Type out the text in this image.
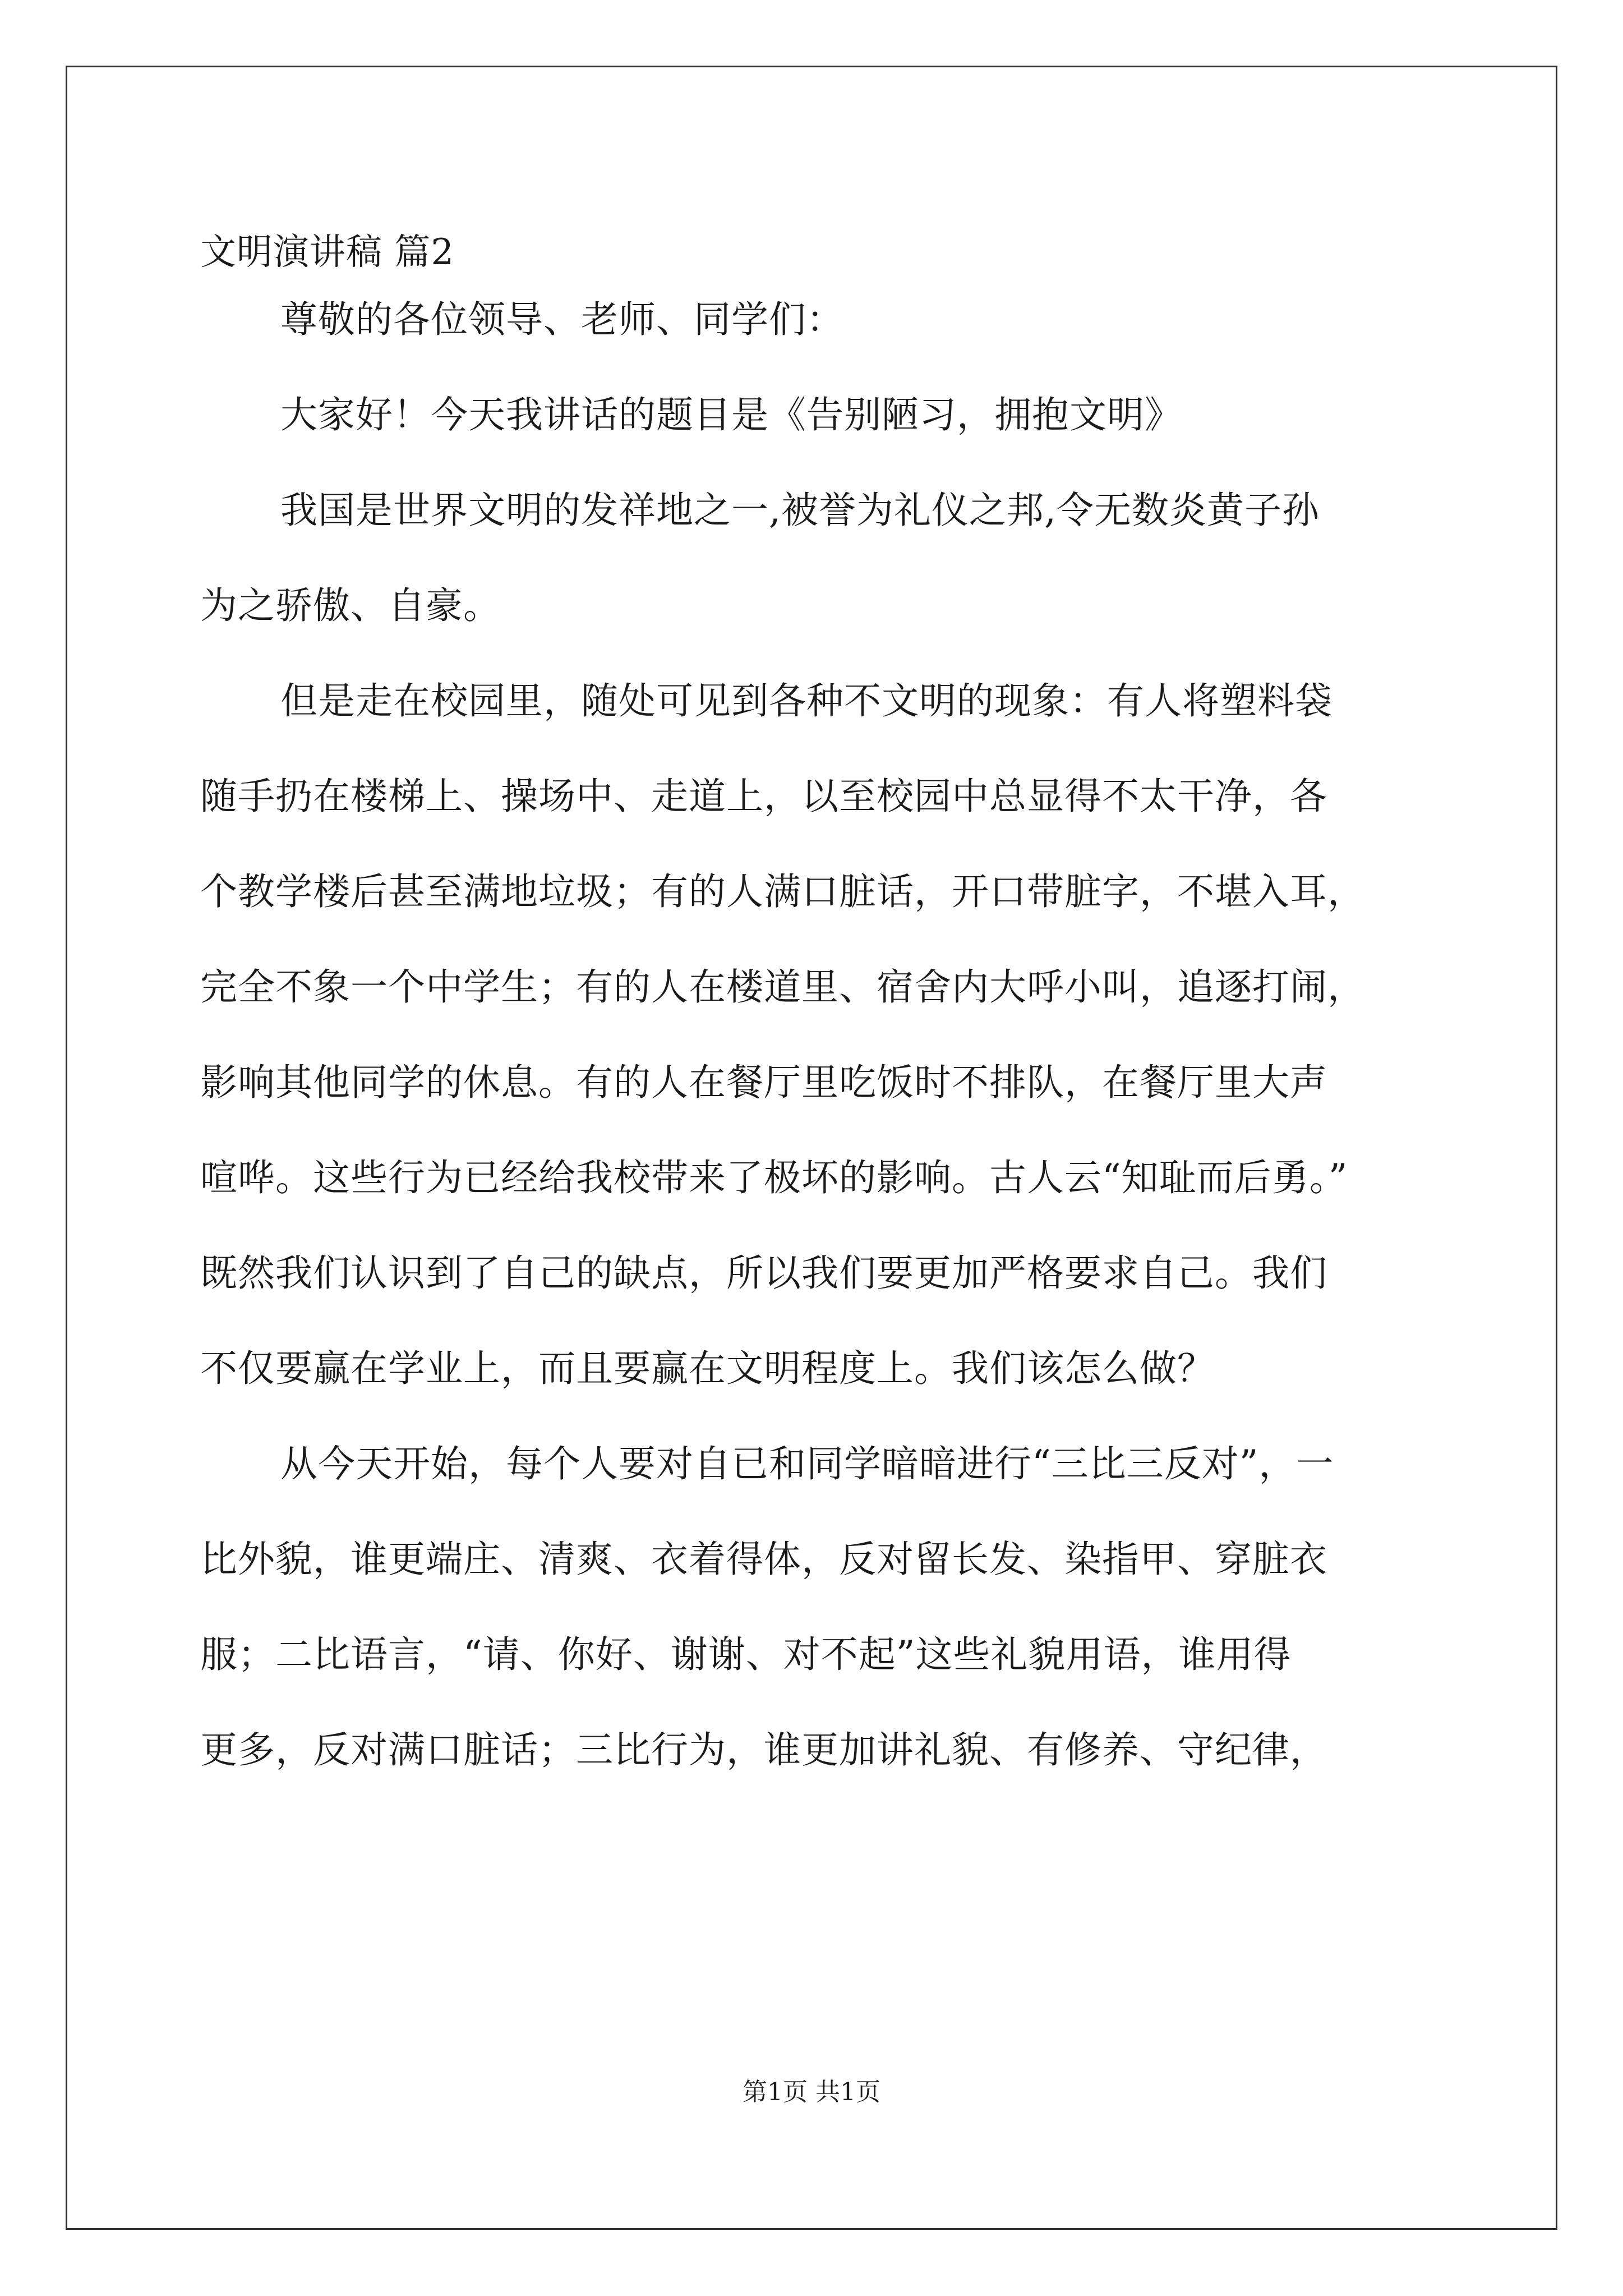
文明演讲稿 篇2
尊敬的各位领导、老师、同学们：
大家好！今天我讲话的题目是《告别陋习，拥抱文明》
我国是世界文明的发祥地之一,被誉为礼仪之邦,令无数炎黄子孙
为之骄傲、自豪。
但是走在校园里，随处可见到各种不文明的现象：有人将塑料袋
随手扔在楼梯上、操场中、走道上，以至校园中总显得不太干净，各
个教学楼后甚至满地垃圾；有的人满口脏话，开口带脏字，不堪入耳，
完全不象一个中学生；有的人在楼道里、宿舍内大呼小叫，追逐打闹，
影响其他同学的休息。有的人在餐厅里吃饭时不排队，在餐厅里大声
喧哗。这些行为已经给我校带来了极坏的影响。古人云“知耻而后勇。”
既然我们认识到了自己的缺点，所以我们要更加严格要求自己。我们
不仅要赢在学业上，而且要赢在文明程度上。我们该怎么做？
从今天开始，每个人要对自已和同学暗暗进行“三比三反对”，一
比外貌，谁更端庄、清爽、衣着得体，反对留长发、染指甲、穿脏衣
服；二比语言，“请、你好、谢谢、对不起”这些礼貌用语，谁用得
更多，反对满口脏话；三比行为，谁更加讲礼貌、有修养、守纪律，
第1页 共1页
